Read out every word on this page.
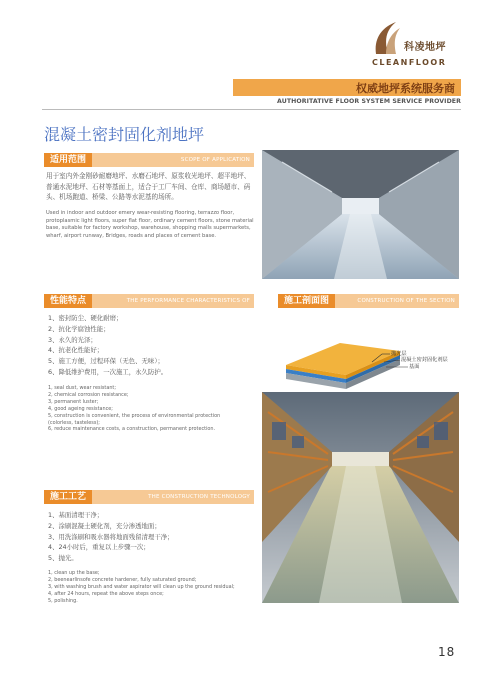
科凌地坪
CLEANFLOOR
权威地坪系统服务商
AUTHORITATIVE FLOOR SYSTEM SERVICE PROVIDER
混凝土密封固化剂地坪
适用范围	SCOPE OF APPLICATION
用于室内外金刚砂耐磨地坪、水磨石地坪、原浆收光地坪、超平地坪、普通水泥地坪、石材等基面上，适合于工厂车间、仓库、商场超市、码头、机场跑道、桥梁、公路等水泥基的场所。
Used in indoor and outdoor emery wear-resisting flooring, terrazzo floor, protoplasmic light floors, super flat floor, ordinary cement floors, stone material base, suitable for factory workshop, warehouse, shopping malls supermarkets, wharf, airport runway, Bridges, roads and places of cement base.
性能特点	THE PERFORMANCE CHARACTERISTICS OF
1、密封防尘、硬化耐磨；
2、抗化学腐蚀性能；
3、永久的光泽；
4、抗老化性能好；
5、施工方便，过程环保（无色、无味）；
6、降低维护费用，一次施工，永久防护。
1, seal dust, wear resistant;
2, chemical corrosion resistance;
3, permanent luster;
4, good ageing resistance;
5, construction is convenient, the process of environmental protection
(colorless, tasteless);
6, reduce maintenance costs, a construction, permanent protection.
施工剖面图	CONSTRUCTION OF THE SECTION
抛光层
混凝土密封固化剂层
基面
施工工艺	THE CONSTRUCTION TECHNOLOGY
1、基面清理干净；
2、涂刷混凝土硬化剂，充分渗透地面；
3、用洗涤刷和吸水器将地面残留清理干净；
4、24小时后，重复以上步骤一次；
5、抛光。
1, clean up the base;
2, beenearlinsofe concrete hardener, fully saturated ground;
3, with washing brush and water aspirator will clean up the ground residual;
4, after 24 hours, repeat the above steps once;
5, polishing.
18
